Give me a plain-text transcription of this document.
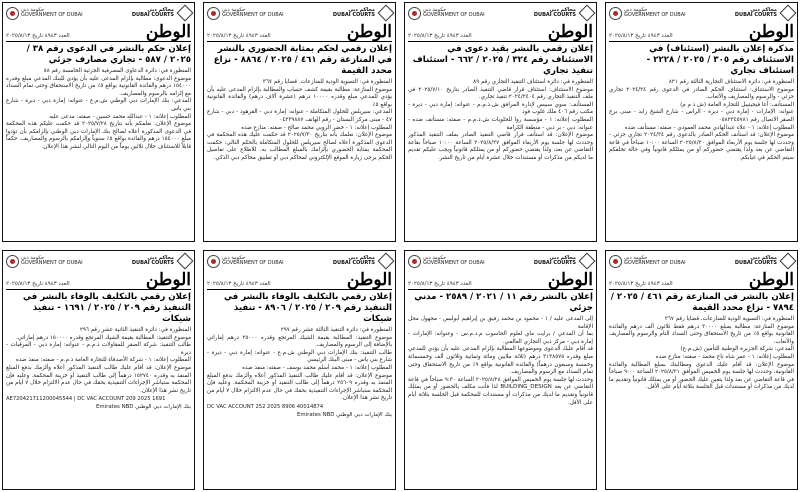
حكومة دبي
GOVERNMENT OF DUBAI
محاكم دبي
DUBAI COURTS
الوطن
العدد ٤٩٤٣ تاريخ ٢٠٢٥/٨/١٣
مذكرة إعلان بالنشر (استئناف) في الاستئناف رقم ٣٠٥ / ٢٠٢٥ / ٢٢٢٨ - استئناف تجاري

المنظورة في: دائرة الاستئناف التجارية الثالثة رقم ٨٢١

موضوع الاستئناف: استئناف الحكم الصادر في الدعوى رقم ٢٠٢٤/٣٤ تجاري جزئي - والرسوم والمصاريف والأتعاب.

المستأنف: آغا فيجيتيبل للتجارة العامة (ش ذ م م)

عنوانه: الإمارات - إمارة دبي - ديرة - الراس - شارع الشيخ زايد - مبنى برج الصقر الاتصال رقم ٠٥٨٢٣٤٥٧٨١

المطلوب إعلانه: ١ - علاء عبدالهادي محمد العمودي - صفته: مستأنف ضده

موضوع الإعلان: قد استأنف الحكم الصادر بالدعوى رقم ٢٠٢٤/٣٤ تجاري جزئي - وحددت لها جلسة يوم الأربعاء الموافق ٢٠٢٥/٨/٢٠ الساعة ١٠:٠٠ صباحاً في قاعة التقاضي عن بعد ولذا يقتضي حضوركم أو من يمثلكم قانونياً وفي حالة تخلفكم سيتم الحكم في غيابكم.

حكومة دبي
GOVERNMENT OF DUBAI
محاكم دبي
DUBAI COURTS
الوطن
العدد ٤٩٤٣ تاريخ ٢٠٢٥/٨/١٣
إعلان رقمي بالنشر بقيد دعوى في الاستئناف رقم ٣٢٤ / ٢٠٢٥ / ٦٦٢ - استئناف تنفيذ تجاري

المنظورة في: دائرة استئناف التنفيذ التجاري رقم ٨٩

موضوع الاستئناف: استئناف قرار قاضي التنفيذ الصادر بتاريخ ٢٠٢٥/٧/١٠ في ملف التنفيذ التجاري رقم ٢٠٢٤/٢٤٠٤ تنفيذ تجاري.

المستأنف: سوي سبيس لإدارة المرافق ش.ذ.م.م - عنوانه: إمارة دبي - ديرة - مكتب رقم ٤٠٦ ملك غلوب فود

المطلوب إعلانه: ١ - مؤسسة روا للحلويات ش.ذ.م.م - صفته: مستأنف ضده - عنوانه: دبي - بر دبي - منطقة الكرامة

موضوع الإعلان: قد استأنف قرار قاضي التنفيذ الصادر بملف التنفيذ المذكور وحددت لها جلسة يوم الأربعاء الموافق ٢٠٢٥/٨/٢٧ الساعة ١٠:٠٠ صباحاً بقاعة التقاضي عن بعد، ولذا يقتضي حضوركم أو من يمثلكم قانونياً ويجب عليكم تقديم ما لديكم من مذكرات أو مستندات خلال عشرة أيام من تاريخ النشر.

حكومة دبي
GOVERNMENT OF DUBAI
محاكم دبي
DUBAI COURTS
الوطن
العدد ٤٩٤٣ تاريخ ٢٠٢٥/٨/١٣
إعلان رقمي لحكم بمثابة الحضوري بالنشر في المنازعة رقم ٤٦١ / ٢٠٢٥ / ٨٨٦٤ - نزاع محدد القيمة

المنظورة في: التسوية الودية للمنازعات. قضايا رقم ٣٦٧

موضوع المنازعة: مطالبة بقيمة كشف حساب والمطالبة بإلزام المدعى عليه بأن يؤدي للمدعي مبلغ وقدره ١٠٠٠٠ درهم (عشرة آلاف درهم) والفائدة القانونية بواقع ٥٪

المدعي: سيريلس للحلول المتكاملة - عنوانه: إمارة دبي - القرهود - دبي - شارع ٤٧ - مبنى مركز البستان - رقم الهاتف ٠٤٢٣٩٨٨٧

المطلوب إعلانه: ١ - خضر الروبي محمد صالح - صفته: منازع ضده

موضوع الإعلان: نعلمك بأنه بتاريخ ٢٠٢٥/٧/٣٠ قد حكمت عليك هذه المحكمة في الدعوى المذكورة أعلاه لصالح سيريلس للحلول المتكاملة بالحكم التالي: حكمت المحكمة بمثابة الحضوري بإلزامك بالمبلغ المطالب به. للاطلاع على تفاصيل الحكم يرجى زيارة الموقع الإلكتروني لمحاكم دبي أو تطبيق محاكم دبي الذكي.

حكومة دبي
GOVERNMENT OF DUBAI
محاكم دبي
DUBAI COURTS
الوطن
العدد ٤٩٤٣ تاريخ ٢٠٢٥/٨/١٣
إعلان حكم بالنشر في الدعوى رقم ٣٨ / ٢٠٢٥ / ٥٨٧ - تجاري مصارف جزئي

المنظورة في: دائرة الدعاوى المصرفية الجزئية الخامسة رقم ٥٨

موضوع الدعوى: مطالبة بإلزام المدعى عليه بأن يؤدي للبنك المدعي مبلغ وقدره ١٥٤٠٠٠ درهم والفائدة القانونية بواقع ٥٪ من تاريخ الاستحقاق وحتى تمام السداد مع إلزامه بالرسوم والمصاريف.

المدعي: بنك الإمارات دبي الوطني ش.م.ع - عنوانه: إمارة دبي - ديرة - شارع بني ياس

المطلوب إعلانه: ١ - عبدالله محمد حسين - صفته: مدعى عليه

موضوع الإعلان: نعلمكم بأنه بتاريخ ٢٠٢٥/٧/٢٨ قد حكمت عليكم هذه المحكمة في الدعوى المذكورة أعلاه لصالح بنك الإمارات دبي الوطني بإلزامكم بأن تؤدوا مبلغ ١٥٤٠٠٠ درهم والفائدة بواقع ٥٪ سنوياً وإلزامكم بالرسوم والمصاريف. حكماً قابلاً للاستئناف خلال ثلاثين يوماً من اليوم التالي لنشر هذا الإعلان.

حكومة دبي
GOVERNMENT OF DUBAI
محاكم دبي
DUBAI COURTS
الوطن
العدد ٤٩٤٣ تاريخ ٢٠٢٥/٨/١٣
إعلان بالنشر في المنازعة رقم ٤٦١ / ٢٠٢٥ / ٧٨٩٤ - نزاع محدد القيمة

المنظورة في: التسوية الودية للمنازعات، قضايا رقم ٣٦٧

موضوع المنازعة: مطالبة بمبلغ ٣٠٠٠٠ درهم فقط ثلاثون ألف درهم والفائدة القانونية بواقع ٥٪ من تاريخ الاستحقاق وحتى السداد التام والرسوم والمصاريف والأتعاب.

المدعي: شركة الجزيرة الوطنية للتأمين (ش.م.ع)

المطلوب إعلانه: ١ - عمر شاه تاج محمد - صفته: منازع ضده

موضوع الإعلان: قد أقام عليك الدعوى ومطالبتك بمبلغ المطالبة والفائدة القانونية، وحددت لها جلسة يوم الخميس الموافق ٢٠٢٥/٨/٢١ الساعة ٩:٠٠ صباحاً في قاعة التقاضي عن بعد ولذا يتعين عليك الحضور أو من يمثلك قانونياً وتقديم ما لديك من مذكرات أو مستندات قبل الجلسة بثلاثة أيام على الأقل.

حكومة دبي
GOVERNMENT OF DUBAI
محاكم دبي
DUBAI COURTS
الوطن
العدد ٤٩٤٣ تاريخ ٢٠٢٥/٨/١٣
إعلان بالنشر رقم ١١ / ٢٠٢١ / ٢٥٨٩ - مدني جزئي

إلى المدعى عليه / ١ - محمود بن محمد رفيق بن إبراهيم أبولبس - مجهول محل الإقامة

بما أن المدعي / برايت ماي لعلوم الحاسوب م.د.م.س - وعنوانه: الإمارات - إمارة دبي - مركز دبي التجاري العالمي.

قد أقام عليك الدعوى وموضوعها المطالبة بإلزام المدعى عليه بأن يؤدي للمدعي مبلغ وقدره ٣١٣٨٥٧٥ درهم (ثلاثة ملايين ومائة وثمانية وثلاثون ألف وخمسمائة وخمسة وسبعون درهماً) والفائدة القانونية بواقع ٩٪ من تاريخ الاستحقاق وحتى تمام السداد مع الرسوم والمصاريف.

وحددت لها جلسة يوم الخميس الموافق ٢٠٢٥/٨/٢٨ الساعة ٩:٣٠ صباحاً في قاعة التقاضي عن بعد BUILDING_DESIGN لذا فأنت مكلف بالحضور أو من يمثلك قانونياً وتقديم ما لديك من مذكرات أو مستندات للمحكمة قبل الجلسة بثلاثة أيام على الأقل.

حكومة دبي
GOVERNMENT OF DUBAI
محاكم دبي
DUBAI COURTS
الوطن
العدد ٤٩٤٣ تاريخ ٢٠٢٥/٨/١٣
إعلان رقمي بالتكليف بالوفاء بالنشر في التنفيذ رقم ٢٠٩ / ٢٠٢٥ / ٨٩٠٦ - تنفيذ شيكات

المنظورة في: دائرة التنفيذ الثالثة عشر رقم ٢٩٧

موضوع التنفيذ: المطالبة بقيمة الشيك المرتجع وقدره ٢٥٠٠٠ درهم إماراتي بالإضافة إلى الرسوم والمصاريف.

طالب التنفيذ: بنك الإمارات دبي الوطني ش.م.ع - عنوانه: إمارة دبي - ديرة - شارع بني ياس - مبنى البنك الرئيسي

المطلوب إعلانه: ١ - محمد أسلم محمد يوسف - صفته: منفذ ضده

موضوع الإعلان: قد أقام عليك طالب التنفيذ المذكور أعلاه وألزمك بدفع المبلغ المنفذ به وقدره ٢٥٦٠٩ درهماً إلى طالب التنفيذ أو خزينة المحكمة. وعليه فإن المحكمة ستباشر الإجراءات التنفيذية بحقك في حال عدم الالتزام خلال ٧ أيام من تاريخ نشر هذا الإعلان.

DC VAC ACCOUNT 252 2025 8906 40014874
بنك الإمارات دبي الوطني Emirates NBD
حكومة دبي
GOVERNMENT OF DUBAI
محاكم دبي
DUBAI COURTS
الوطن
العدد ٤٩٤٣ تاريخ ٢٠٢٥/٨/١٣
إعلان رقمي بالتكليف بالوفاء بالنشر في التنفيذ رقم ٢٠٩ / ٢٠٢٥ / ١٦٩١ - تنفيذ شيكات

المنظورة في: دائرة التنفيذ الثانية عشر رقم ٢٩٦

موضوع التنفيذ: المطالبة بقيمة الشيك المرتجع وقدره ١٥٠٠٠٠ درهم إماراتي.

طالب التنفيذ: شركة الصقر للمقاولات ذ.م.م - عنوانه: إمارة دبي - المرقبات - ديرة

المطلوب إعلانه: ١ - شركة الأصدقاء للتجارة العامة ذ.م.م - صفته: منفذ ضده

موضوع الإعلان: قد أقام عليك طالب التنفيذ المذكور أعلاه وألزمك بدفع المبلغ المنفذ به وقدره ١٥٢٧٤٠ درهماً إلى طالب التنفيذ أو خزينة المحكمة. وعليه فإن المحكمة ستباشر الإجراءات التنفيذية بحقك في حال عدم الالتزام خلال ٧ أيام من تاريخ نشر هذا الإعلان.

AE720421711200045544 | DC VAC ACCOUNT 209 2025 1691
بنك الإمارات دبي الوطني Emirates NBD
